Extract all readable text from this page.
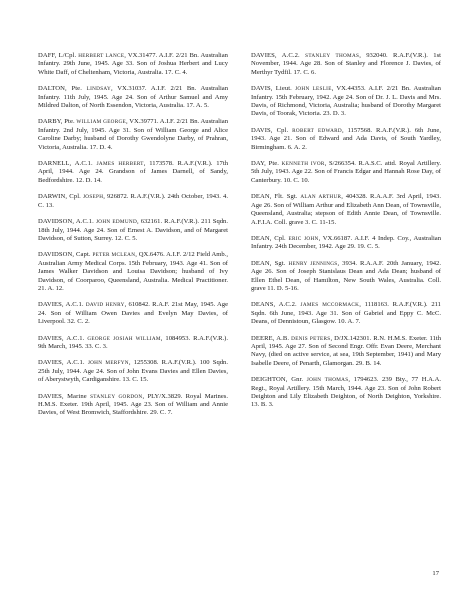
DAFF, L/Cpl. HERBERT LANCE, VX.31477. A.I.F. 2/21 Bn. Australian Infantry. 29th June, 1945. Age 33. Son of Joshua Herbert and Lucy White Daff, of Cheltenham, Victoria, Australia. 17. C. 4.

DALTON, Pte. LINDSAY, VX.31037. A.I.F. 2/21 Bn. Australian Infantry. 11th July, 1945. Age 24. Son of Arthur Samuel and Amy Mildred Dalton, of North Essendon, Victoria, Australia. 17. A. 5.

DARBY, Pte. WILLIAM GEORGE, VX.39771. A.I.F. 2/21 Bn. Australian Infantry. 2nd July, 1945. Age 31. Son of William George and Alice Caroline Darby; husband of Dorothy Gwendolyne Darby, of Prahran, Victoria, Australia. 17. D. 4.

DARNELL, A.C.1. JAMES HERBERT, 1173578. R.A.F.(V.R.). 17th April, 1944. Age 24. Grandson of James Darnell, of Sandy, Bedfordshire. 12. D. 14.

DARWIN, Cpl. JOSEPH, 926872. R.A.F.(V.R.). 24th October, 1943. 4. C. 13.

DAVIDSON, A.C.1. JOHN EDMUND, 632161. R.A.F.(V.R.). 211 Sqdn. 18th July, 1944. Age 24. Son of Ernest A. Davidson, and of Margaret Davidson, of Sutton, Surrey. 12. C. 5.

DAVIDSON, Capt. PETER MCLEAN, QX.6476. A.I.F. 2/12 Field Amb., Australian Army Medical Corps. 15th February, 1943. Age 41. Son of James Walker Davidson and Louisa Davidson; husband of Ivy Davidson, of Coorparoo, Queensland, Australia. Medical Practitioner. 21. A. 12.

DAVIES, A.C.1. DAVID HENRY, 610842. R.A.F. 21st May, 1945. Age 24. Son of William Owen Davies and Evelyn May Davies, of Liverpool. 32. C. 2.

DAVIES, A.C.1. GEORGE JOSIAH WILLIAM, 1084953. R.A.F.(V.R.). 9th March, 1945. 33. C. 3.

DAVIES, A.C.1. JOHN MERFYN, 1255308. R.A.F.(V.R.). 100 Sqdn. 25th July, 1944. Age 24. Son of John Evans Davies and Ellen Davies, of Aberystwyth, Cardiganshire. 13. C. 15.

DAVIES, Marine STANLEY GORDON, PLY/X.3829. Royal Marines. H.M.S. Exeter. 19th April, 1945. Age 23. Son of William and Annie Davies, of West Bromwich, Staffordshire. 29. C. 7.

DAVIES, A.C.2. STANLEY THOMAS, 932040. R.A.F.(V.R.). 1st November, 1944. Age 28. Son of Stanley and Florence J. Davies, of Merthyr Tydfil. 17. C. 6.

DAVIS, Lieut. JOHN LESLIE, VX.44353. A.I.F. 2/21 Bn. Australian Infantry. 15th February, 1942. Age 24. Son of Dr. J. L. Davis and Mrs. Davis, of Richmond, Victoria, Australia; husband of Dorothy Margaret Davis, of Toorak, Victoria. 23. D. 3.

DAVIS, Cpl. ROBERT EDWARD, 1157568. R.A.F.(V.R.). 6th June, 1943. Age 21. Son of Edward and Ada Davis, of South Yardley, Birmingham. 6. A. 2.

DAY, Pte. KENNETH IVOR, S/266354. R.A.S.C. attd. Royal Artillery. 5th July, 1943. Age 22. Son of Francis Edgar and Hannah Rose Day, of Canterbury. 10. C. 10.

DEAN, Flt. Sgt. ALAN ARTHUR, 404328. R.A.A.F. 3rd April, 1943. Age 26. Son of William Arthur and Elizabeth Ann Dean, of Townsville, Queensland, Australia; stepson of Edith Annie Dean, of Townsville. A.F.I.A. Coll. grave 3. C. 11-15.

DEAN, Cpl. ERIC JOHN, VX.66187. A.I.F. 4 Indep. Coy., Australian Infantry. 24th December, 1942. Age 29. 19. C. 5.

DEAN, Sgt. HENRY JENNINGS, 3934. R.A.A.F. 20th January, 1942. Age 26. Son of Joseph Stanislaus Dean and Ada Dean; husband of Ellen Ethel Dean, of Hamilton, New South Wales, Australia. Coll. grave 11. D. 5-16.

DEANS, A.C.2. JAMES MCCORMACK, 1118163. R.A.F.(V.R.). 211 Sqdn. 6th June, 1943. Age 31. Son of Gabriel and Eppy C. McC. Deans, of Dennistoun, Glasgow. 10. A. 7.

DEERE, A.B. DENIS PETERS, D/JX.142301. R.N. H.M.S. Exeter. 11th April, 1945. Age 27. Son of Second Engr. Offr. Evan Deere, Merchant Navy, (died on active service, at sea, 19th September, 1941) and Mary Isabelle Deere, of Penarth, Glamorgan. 29. B. 14.

DEIGHTON, Gnr. JOHN THOMAS, 1794623. 239 Bty., 77 H.A.A. Regt., Royal Artillery. 15th March, 1944. Age 23. Son of John Robert Deighton and Lily Elizabeth Deighton, of North Deighton, Yorkshire. 13. B. 3.

17
